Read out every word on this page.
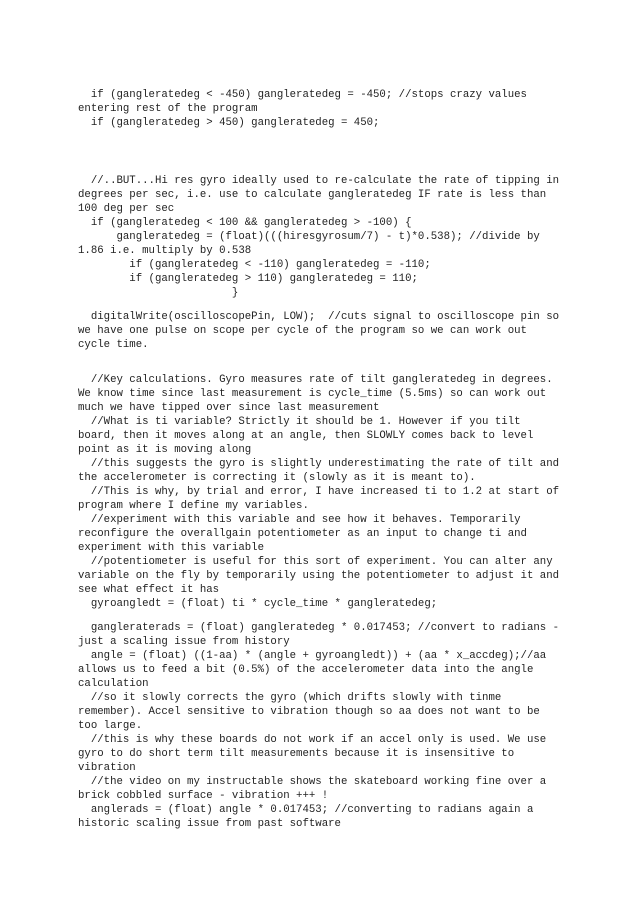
if (gangleratedeg < -450) gangleratedeg = -450; //stops crazy values

entering rest of the program

if (gangleratedeg > 450) gangleratedeg = 450;

//..BUT...Hi res gyro ideally used to re-calculate the rate of tipping in

degrees per sec, i.e. use to calculate gangleratedeg IF rate is less than

100 deg per sec

if (gangleratedeg < 100 && gangleratedeg > -100) {

gangleratedeg = (float)(((hiresgyrosum/7) - t)*0.538); //divide by

1.86 i.e. multiply by 0.538

if (gangleratedeg < -110) gangleratedeg = -110;

if (gangleratedeg > 110) gangleratedeg = 110;

}

digitalWrite(oscilloscopePin, LOW);  //cuts signal to oscilloscope pin so

we have one pulse on scope per cycle of the program so we can work out

cycle time.

//Key calculations. Gyro measures rate of tilt gangleratedeg in degrees.

We know time since last measurement is cycle_time (5.5ms) so can work out

much we have tipped over since last measurement

//What is ti variable? Strictly it should be 1. However if you tilt

board, then it moves along at an angle, then SLOWLY comes back to level

point as it is moving along

//this suggests the gyro is slightly underestimating the rate of tilt and

the accelerometer is correcting it (slowly as it is meant to).

//This is why, by trial and error, I have increased ti to 1.2 at start of

program where I define my variables.

//experiment with this variable and see how it behaves. Temporarily

reconfigure the overallgain potentiometer as an input to change ti and

experiment with this variable

//potentiometer is useful for this sort of experiment. You can alter any

variable on the fly by temporarily using the potentiometer to adjust it and

see what effect it has

gyroangledt = (float) ti * cycle_time * gangleratedeg;

gangleraterads = (float) gangleratedeg * 0.017453; //convert to radians -

just a scaling issue from history

angle = (float) ((1-aa) * (angle + gyroangledt)) + (aa * x_accdeg);//aa

allows us to feed a bit (0.5%) of the accelerometer data into the angle

calculation

//so it slowly corrects the gyro (which drifts slowly with tinme

remember). Accel sensitive to vibration though so aa does not want to be

too large.

//this is why these boards do not work if an accel only is used. We use

gyro to do short term tilt measurements because it is insensitive to

vibration

//the video on my instructable shows the skateboard working fine over a

brick cobbled surface - vibration +++ !

anglerads = (float) angle * 0.017453; //converting to radians again a

historic scaling issue from past software
